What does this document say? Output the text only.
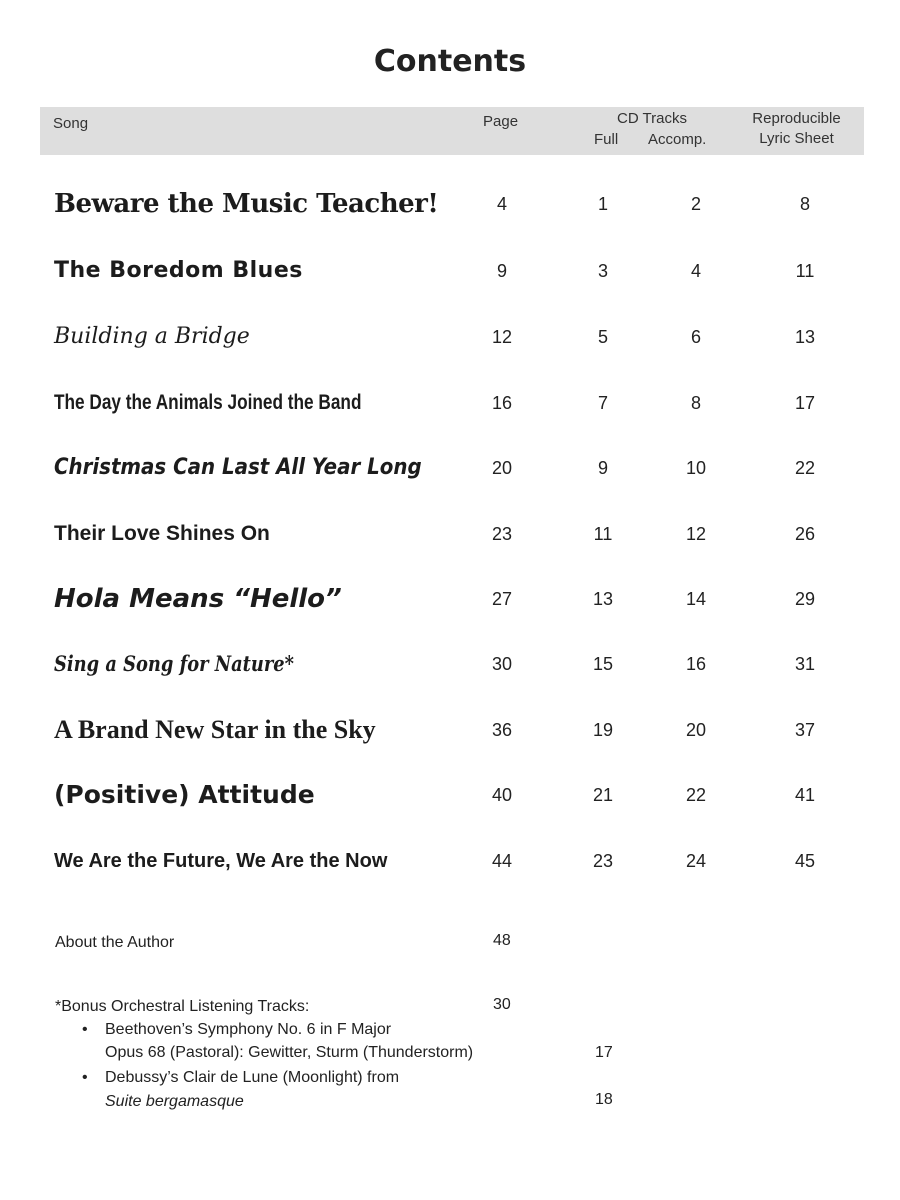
Contents
Song	Page	CD Tracks
Full Accomp.
Reproducible
Lyric Sheet
Beware the Music Teacher!	4	1	2	8
The Boredom Blues	9	3	4	11
Building a Bridge	12	5	6	13
The Day the Animals Joined the Band	16	7	8	17
Christmas Can Last All Year Long	20	9	10	22
Their Love Shines On	23	11	12	26
Hola Means “Hello”	27	13	14	29
Sing a Song for Nature*	30	15	16	31
A Brand New Star in the Sky	36	19	20	37
(Positive) Attitude	40	21	22	41
We Are the Future, We Are the Now	44	23	24	45
About the Author	48
*Bonus Orchestral Listening Tracks:	30
• Beethoven’s Symphony No. 6 in F Major
Opus 68 (Pastoral): Gewitter, Sturm (Thunderstorm)	17
• Debussy’s Clair de Lune (Moonlight) from
Suite bergamasque	18
